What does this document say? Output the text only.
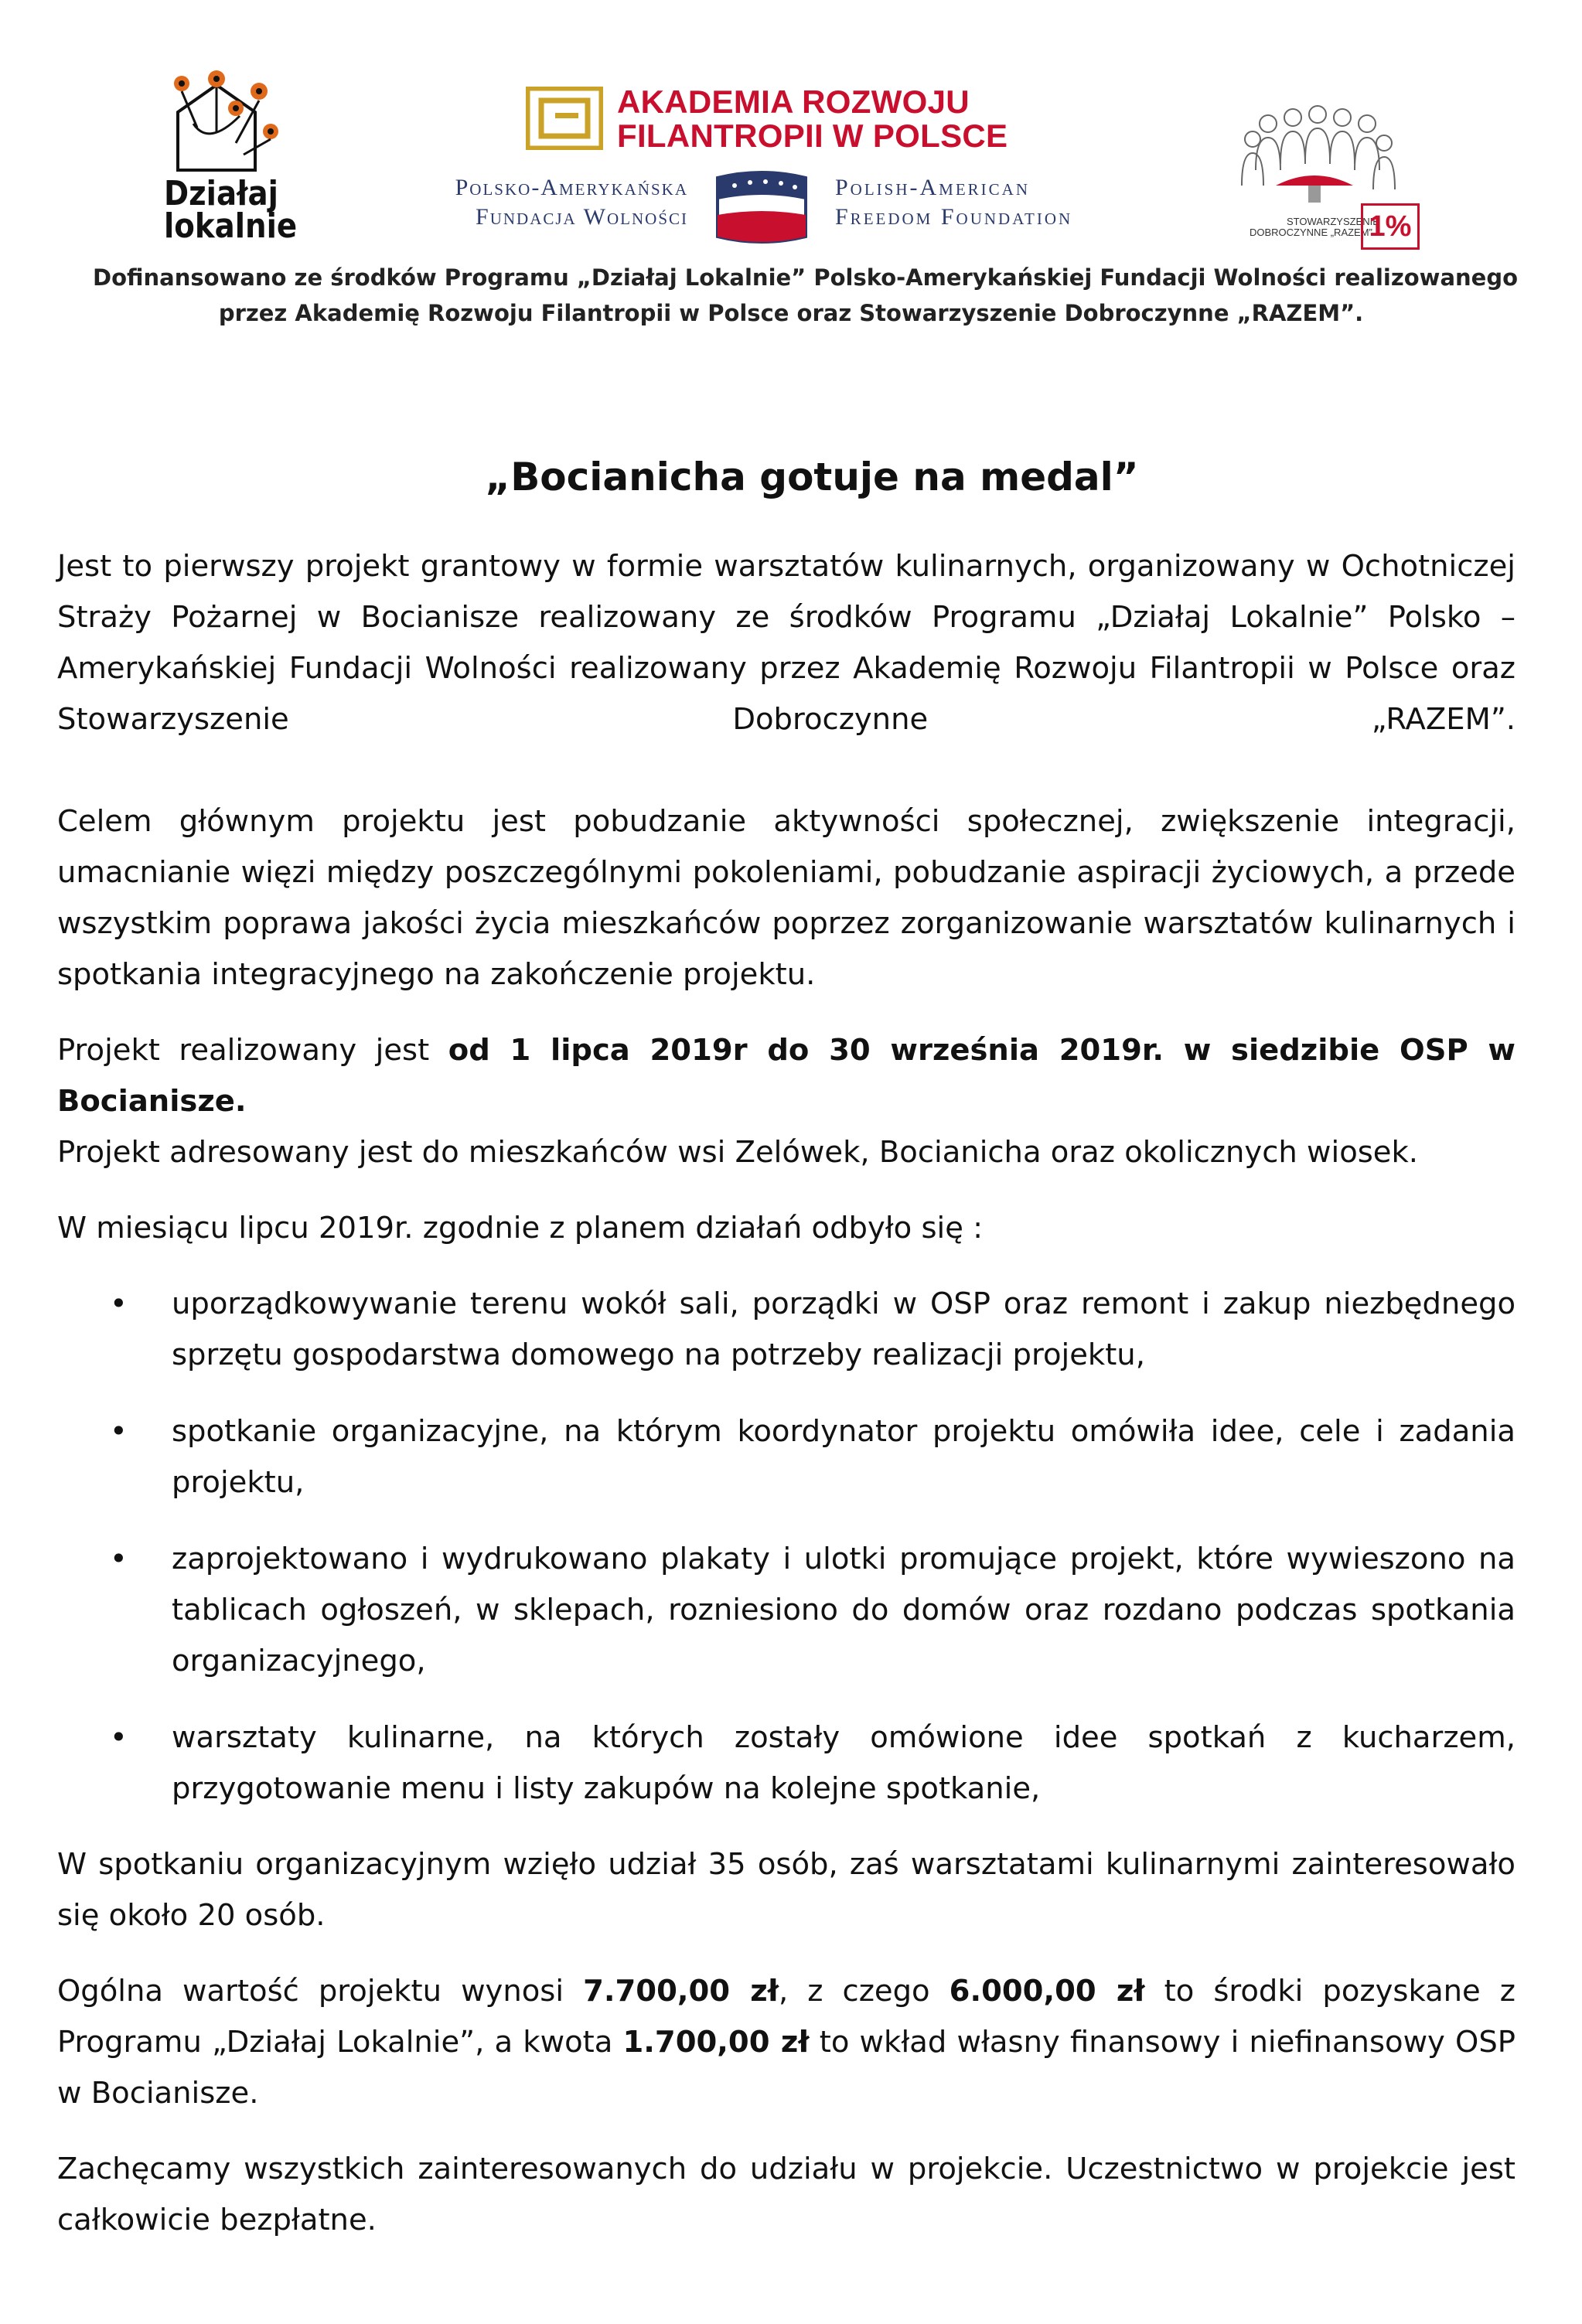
Działaj
lokalnie
AKADEMIA ROZWOJU
FILANTROPII W POLSCE
Polsko-Amerykańska
Fundacja Wolności
Polish-American
Freedom Foundation	STOWARZYSZENIE
DOBROCZYNNE „RAZEM”
1%
Dofinansowano ze środków Programu „Działaj Lokalnie” Polsko-Amerykańskiej Fundacji Wolności realizowanego
przez Akademię Rozwoju Filantropii w Polsce oraz Stowarzyszenie Dobroczynne „RAZEM”.
„Bocianicha gotuje na medal”

Jest to pierwszy projekt grantowy w formie warsztatów kulinarnych, organizowany w Ochotniczej Straży Pożarnej w Bocianisze realizowany ze środków Programu „Działaj Lokalnie” Polsko – Amerykańskiej Fundacji Wolności realizowany przez Akademię Rozwoju Filantropii w Polsce oraz Stowarzyszenie Dobroczynne „RAZEM”.

Celem głównym projektu jest pobudzanie aktywności społecznej, zwiększenie integracji, umacnianie więzi między poszczególnymi pokoleniami, pobudzanie aspiracji życiowych, a przede wszystkim poprawa jakości życia mieszkańców poprzez zorganizowanie warsztatów kulinarnych i spotkania integracyjnego na zakończenie projektu.

Projekt realizowany jest od 1 lipca 2019r do 30 września 2019r. w siedzibie OSP w Bocianisze.

Projekt adresowany jest do mieszkańców wsi Zelówek, Bocianicha oraz okolicznych wiosek.

W miesiącu lipcu 2019r. zgodnie z planem działań odbyło się :

• uporządkowywanie terenu wokół sali, porządki w OSP oraz remont i zakup niezbędnego sprzętu gospodarstwa domowego na potrzeby realizacji projektu,
• spotkanie organizacyjne, na którym koordynator projektu omówiła idee, cele i zadania projektu,
• zaprojektowano i wydrukowano plakaty i ulotki promujące projekt, które wywieszono na tablicach ogłoszeń, w sklepach, rozniesiono do domów oraz rozdano podczas spotkania organizacyjnego,
• warsztaty kulinarne, na których zostały omówione idee spotkań z kucharzem, przygotowanie menu i listy zakupów na kolejne spotkanie,

W spotkaniu organizacyjnym wzięło udział 35 osób, zaś warsztatami kulinarnymi zainteresowało się około 20 osób.

Ogólna wartość projektu wynosi 7.700,00 zł, z czego 6.000,00 zł to środki pozyskane z Programu „Działaj Lokalnie”, a kwota 1.700,00 zł to wkład własny finansowy i niefinansowy OSP w Bocianisze.

Zachęcamy wszystkich zainteresowanych do udziału w projekcie. Uczestnictwo w projekcie jest całkowicie bezpłatne.
